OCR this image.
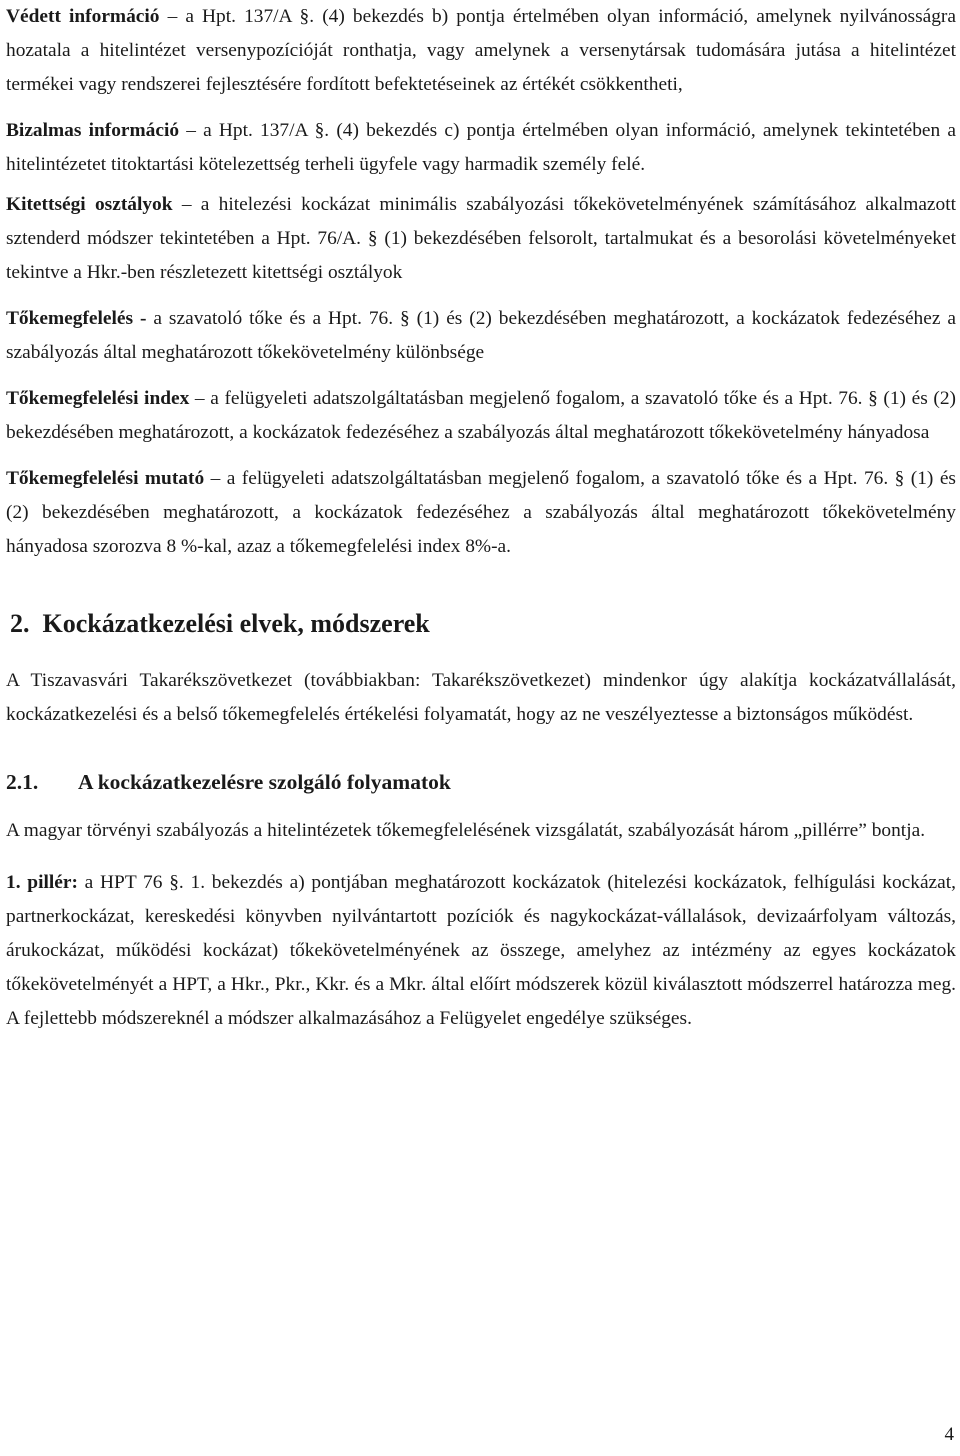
Védett információ – a Hpt. 137/A §. (4) bekezdés b) pontja értelmében olyan információ, amelynek nyilvánosságra hozatala a hitelintézet versenypozícióját ronthatja, vagy amelynek a versenytársak tudomására jutása a hitelintézet termékei vagy rendszerei fejlesztésére fordított befektetéseinek az értékét csökkentheti,

Bizalmas információ – a Hpt. 137/A §. (4) bekezdés c) pontja értelmében olyan információ, amelynek tekintetében a hitelintézetet titoktartási kötelezettség terheli ügyfele vagy harmadik személy felé.

Kitettségi osztályok – a hitelezési kockázat minimális szabályozási tőkekövetelményének számításához alkalmazott sztenderd módszer tekintetében a Hpt. 76/A. § (1) bekezdésében felsorolt, tartalmukat és a besorolási követelményeket tekintve a Hkr.-ben részletezett kitettségi osztályok

Tőkemegfelelés - a szavatoló tőke és a Hpt. 76. § (1) és (2) bekezdésében meghatározott, a kockázatok fedezéséhez a szabályozás által meghatározott tőkekövetelmény különbsége

Tőkemegfelelési index – a felügyeleti adatszolgáltatásban megjelenő fogalom, a szavatoló tőke és a Hpt. 76. § (1) és (2) bekezdésében meghatározott, a kockázatok fedezéséhez a szabályozás által meghatározott tőkekövetelmény hányadosa

Tőkemegfelelési mutató – a felügyeleti adatszolgáltatásban megjelenő fogalom, a szavatoló tőke és a Hpt. 76. § (1) és (2) bekezdésében meghatározott, a kockázatok fedezéséhez a szabályozás által meghatározott tőkekövetelmény hányadosa szorozva 8 %-kal, azaz a tőkemegfelelési index 8%-a.

2.  Kockázatkezelési elvek, módszerek

A Tiszavasvári Takarékszövetkezet (továbbiakban: Takarékszövetkezet) mindenkor úgy alakítja kockázatvállalását, kockázatkezelési és a belső tőkemegfelelés értékelési folyamatát, hogy az ne veszélyeztesse a biztonságos működést.

2.1. A kockázatkezelésre szolgáló folyamatok

A magyar törvényi szabályozás a hitelintézetek tőkemegfelelésének vizsgálatát, szabályozását három „pillérre” bontja.

1. pillér: a HPT 76 §. 1. bekezdés a) pontjában meghatározott kockázatok (hitelezési kockázatok, felhígulási kockázat, partnerkockázat, kereskedési könyvben nyilvántartott pozíciók és nagykockázat-vállalások, devizaárfolyam változás, árukockázat, működési kockázat) tőkekövetelményének az összege, amelyhez az intézmény az egyes kockázatok tőkekövetelményét a HPT, a Hkr., Pkr., Kkr. és a Mkr. által előírt módszerek közül kiválasztott módszerrel határozza meg. A fejlettebb módszereknél a módszer alkalmazásához a Felügyelet engedélye szükséges.

4
